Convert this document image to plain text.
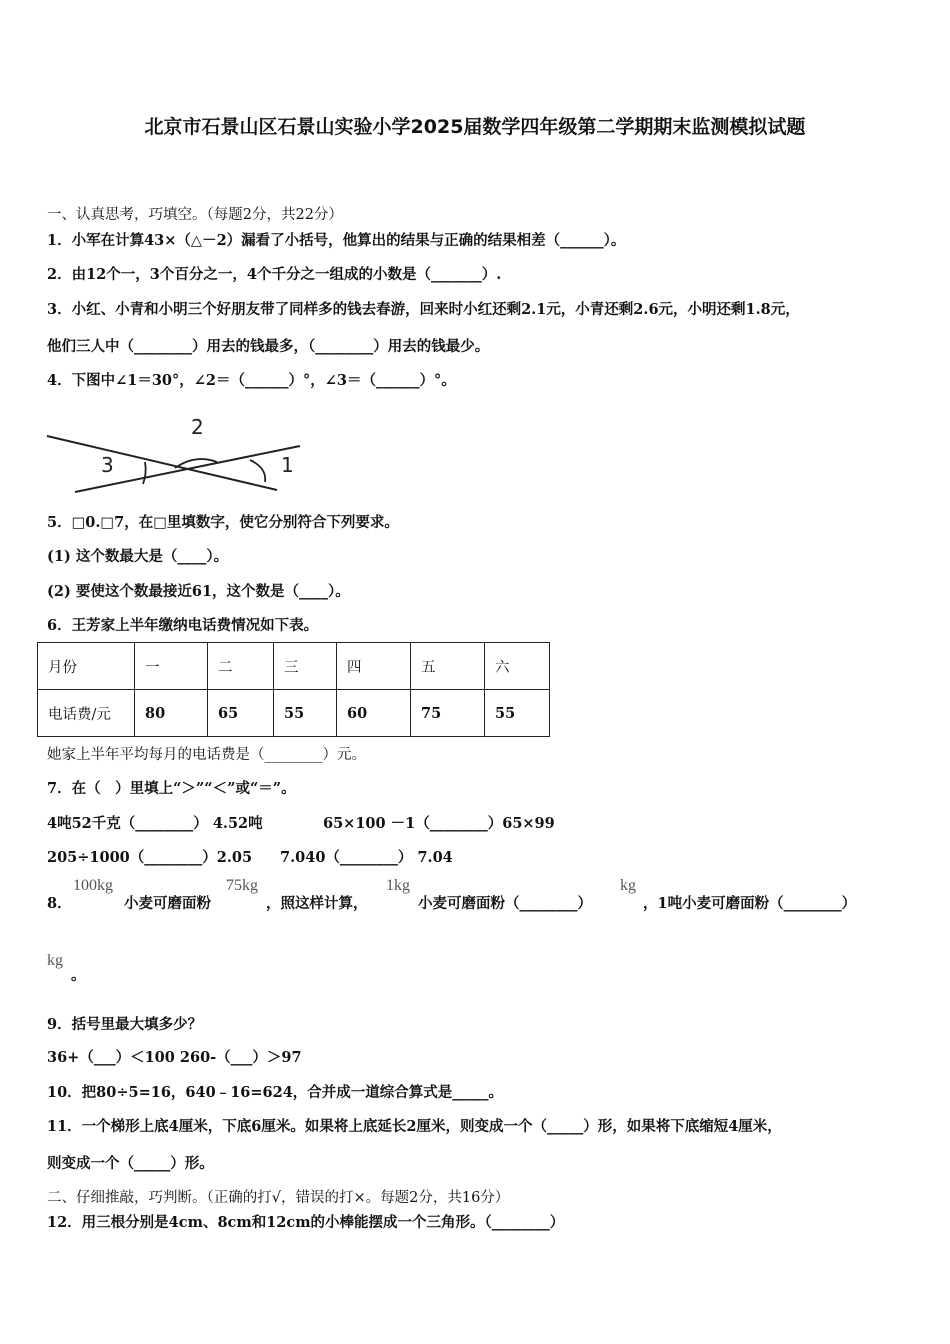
北京市石景山区石景山实验小学2025届数学四年级第二学期期末监测模拟试题
一、认真思考，巧填空。（每题2分，共22分）
1．小军在计算43×（△－2）漏看了小括号，他算出的结果与正确的结果相差（______）。
2．由12个一，3个百分之一，4个千分之一组成的小数是（_______）.
3．小红、小青和小明三个好朋友带了同样多的钱去春游，回来时小红还剩2.1元，小青还剩2.6元，小明还剩1.8元，
他们三人中（________）用去的钱最多，（________）用去的钱最少。
4．下图中∠1＝30°，∠2＝（______）°，∠3＝（______）°。
2
3	1
5．□0.□7，在□里填数字，使它分别符合下列要求。
(1) 这个数最大是（____）。
(2) 要使这个数最接近61，这个数是（____）。
6．王芳家上半年缴纳电话费情况如下表。
月份	一	二	三	四	五	六
电话费/元	80	65	55	60	75	55
她家上半年平均每月的电话费是（________）元。
7．在（　）里填上“＞”“＜”或“＝”。
4吨52千克（________） 4.52吨	65×100 －1（________）65×99
205÷1000（________）2.05 7.040（________） 7.04
8．
100kg
小麦可磨面粉
75kg
，照这样计算，
1kg
小麦可磨面粉（________）
kg
，1吨小麦可磨面粉（________）
kg
。
9．括号里最大填多少？
36+（___）＜100 260-（___）＞97
10．把80÷5=16，640﹣16=624，合并成一道综合算式是_____。
11．一个梯形上底4厘米，下底6厘米。如果将上底延长2厘米，则变成一个（_____）形，如果将下底缩短4厘米，
则变成一个（_____）形。
二、仔细推敲，巧判断。（正确的打√，错误的打×。每题2分，共16分）
12．用三根分别是4cm、8cm和12cm的小棒能摆成一个三角形。（________）
